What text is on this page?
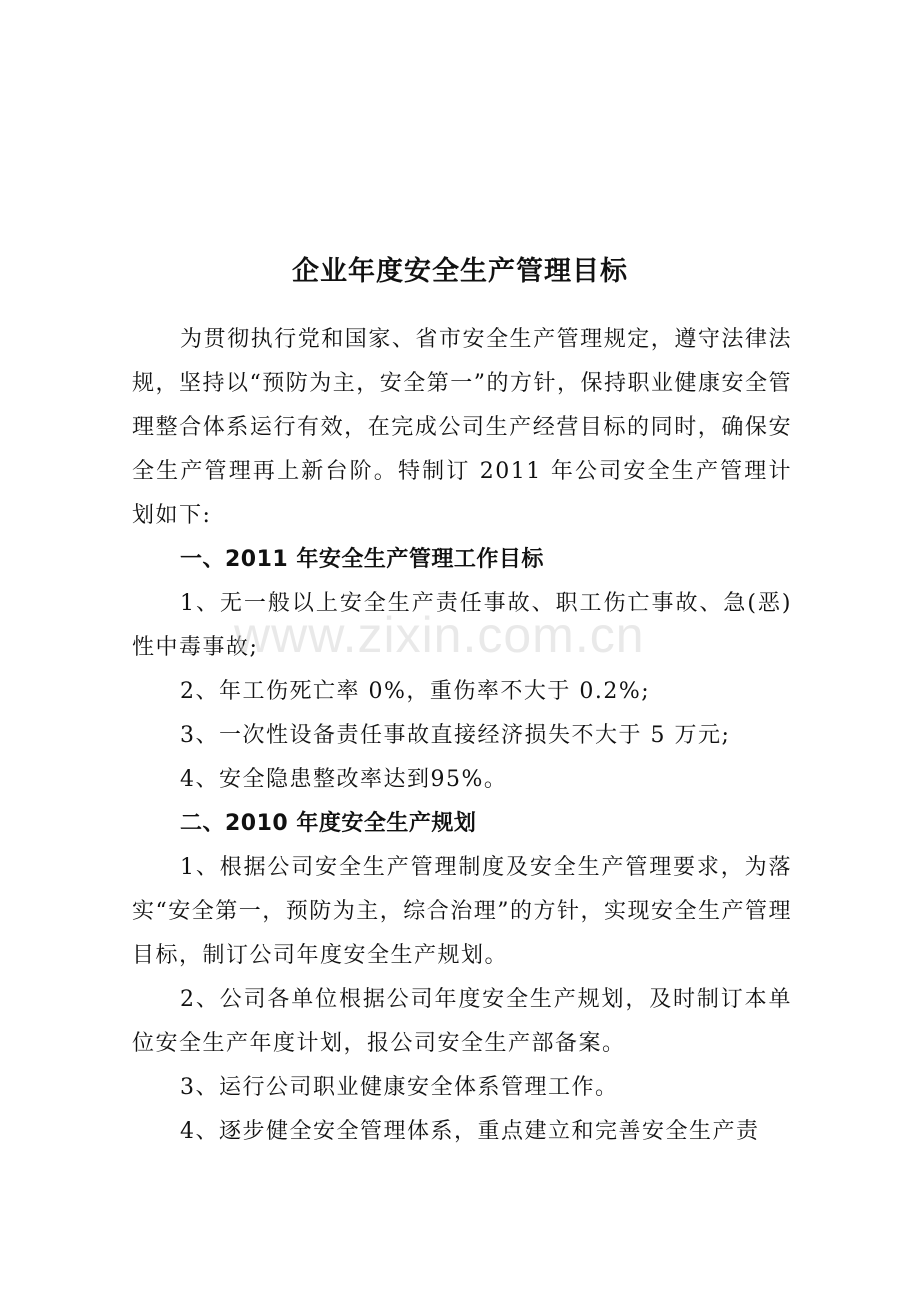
企业年度安全生产管理目标

为贯彻执行党和国家、省市安全生产管理规定，遵守法律法规，坚持以“预防为主，安全第一”的方针，保持职业健康安全管理整合体系运行有效，在完成公司生产经营目标的同时，确保安全生产管理再上新台阶。特制订 2011 年公司安全生产管理计划如下:

一、2011 年安全生产管理工作目标

1、无一般以上安全生产责任事故、职工伤亡事故、急(恶)性中毒事故;

2、年工伤死亡率 0%，重伤率不大于 0.2%;

3、一次性设备责任事故直接经济损失不大于 5 万元;

4、安全隐患整改率达到95%。

二、2010 年度安全生产规划

1、根据公司安全生产管理制度及安全生产管理要求，为落实“安全第一，预防为主，综合治理”的方针，实现安全生产管理目标，制订公司年度安全生产规划。

2、公司各单位根据公司年度安全生产规划，及时制订本单位安全生产年度计划，报公司安全生产部备案。

3、运行公司职业健康安全体系管理工作。

4、逐步健全安全管理体系，重点建立和完善安全生产责

www.zixin.com.cn
